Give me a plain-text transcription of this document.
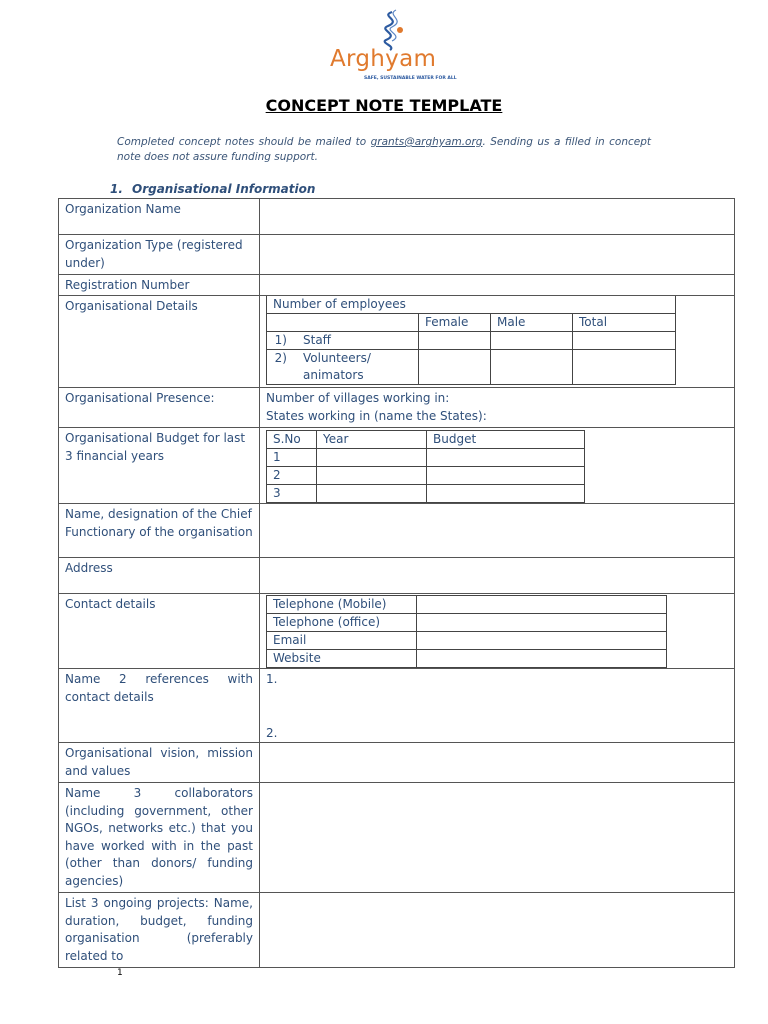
Arghyam
SAFE, SUSTAINABLE WATER FOR ALL
CONCEPT NOTE TEMPLATE
Completed concept notes should be mailed to grants@arghyam.org. Sending us a filled in concept note does not assure funding support.
1. Organisational Information
Organization Name	
Organization Type (registered under)	
Registration Number	
Organisational Details		Number of employees
	Female	Male	Total
1) Staff			

2)	Volunteers/ animators

Organisational Presence:	Number of villages working in:
States working in (name the States):

Organisational Budget for last 3 financial years	
S.No	Year	Budget
1		
2		
3		

Name, designation of the Chief Functionary of the organisation	
Address	
Contact details		Telephone (Mobile)	
Telephone (office)	
Email	
Website	

Name 2 references with contact details	
1.
2.

Organisational vision, mission and values	
Name 3 collaborators (including government, other NGOs, networks etc.) that you have worked with in the past (other than donors/ funding agencies)	
List 3 ongoing projects: Name, duration, budget, funding organisation (preferably related to	
1
